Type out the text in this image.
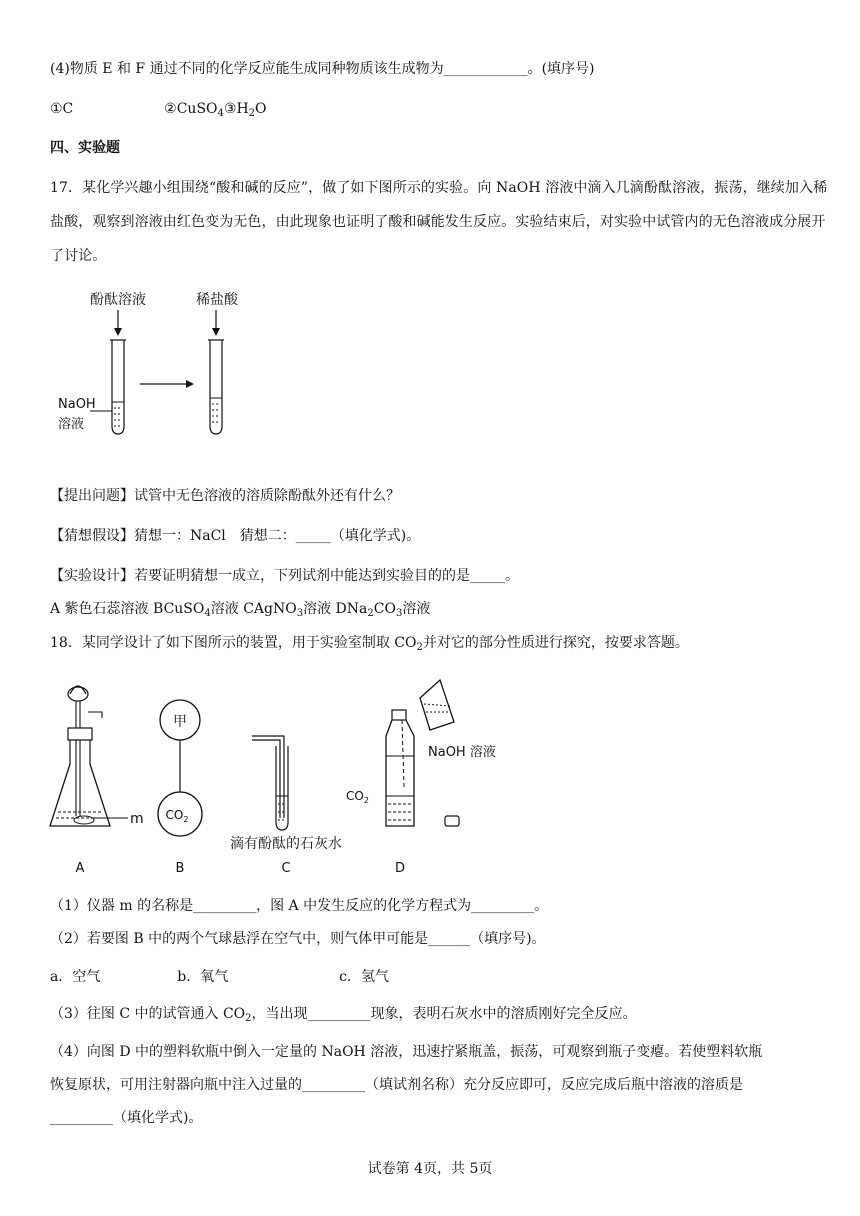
(4)物质 E 和 F 通过不同的化学反应能生成同种物质该生成物为____________。(填序号)
①C	$②CuSO_4③H_2O$
四、实验题
17．某化学兴趣小组围绕“酸和碱的反应”，做了如下图所示的实验。向 NaOH 溶液中滴入几滴酚酞溶液，振荡，继续加入稀盐酸，观察到溶液由红色变为无色，由此现象也证明了酸和碱能发生反应。实验结束后，对实验中试管内的无色溶液成分展开了讨论。
酚酞溶液	稀盐酸
NaOH
溶液
【提出问题】试管中无色溶液的溶质除酚酞外还有什么？
【猜想假设】猜想一：NaCl　猜想二：_____（填化学式)。
【实验设计】若要证明猜想一成立，下列试剂中能达到实验目的的是_____。
A 紫色石蕊溶液 BCuSO$_4$溶液 CAgNO$_3$溶液 $DNa_2CO_3$溶液
18．某同学设计了如下图所示的装置，用于实验室制取 $CO_2$并对它的部分性质进行探究，按要求答题。
m
A
甲
$CO_2$
B
滴有酚酞的石灰水
C
NaOH 溶液
$CO_2$
D
（1）仪器 m 的名称是_________，图 A 中发生反应的化学方程式为_________。
（2）若要图 B 中的两个气球悬浮在空气中，则气体甲可能是______（填序号)。
a．空气	b．氧气	c．氢气
（3）往图 C 中的试管通入 $CO_2$，当出现_________现象，表明石灰水中的溶质刚好完全反应。
（4）向图 D 中的塑料软瓶中倒入一定量的 NaOH 溶液，迅速拧紧瓶盖，振荡，可观察到瓶子变瘪。若使塑料软瓶
恢复原状，可用注射器向瓶中注入过量的_________（填试剂名称）充分反应即可，反应完成后瓶中溶液的溶质是
_________（填化学式)。
试卷第 4页，共 5页
